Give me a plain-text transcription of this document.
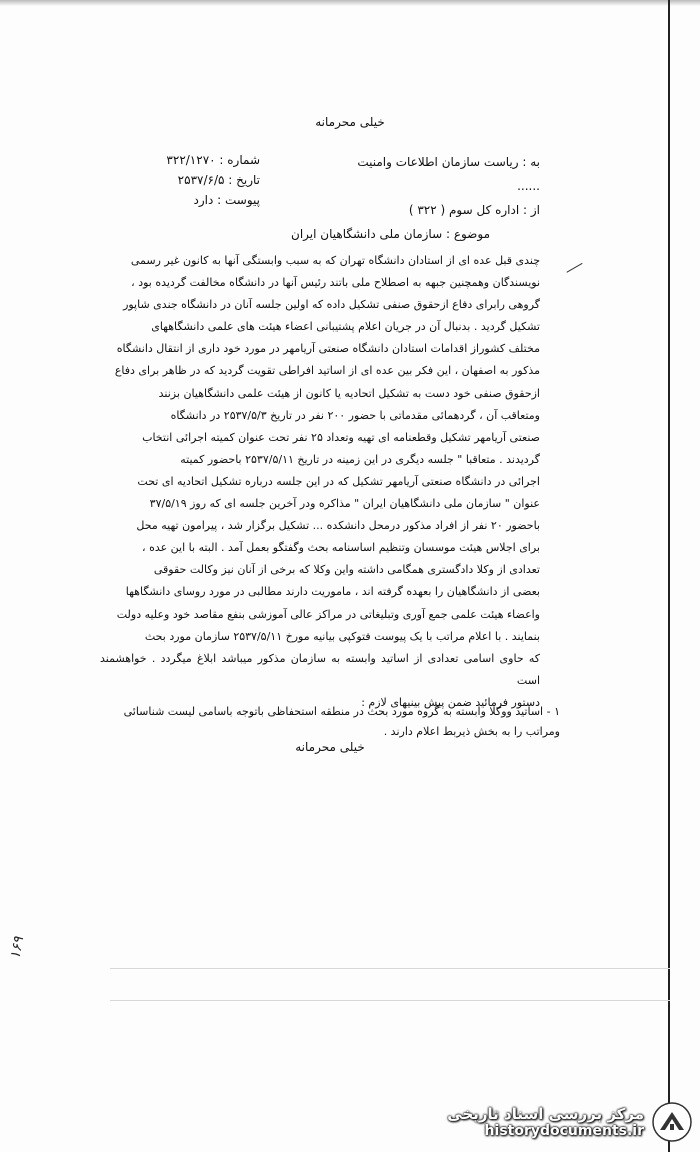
خیلی محرمانه
شماره : ۳۲۲/۱۲۷۰
تاریخ : ۲۵۳۷/۶/۵
پیوست : دارد
به : ریاست سازمان اطلاعات وامنیت ......
از : اداره کل سوم ( ۳۲۲ )
موضوع : سازمان ملی دانشگاهیان ایران

چندی قبل عده ای از استادان دانشگاه تهران که به سبب وابستگی آنها به کانون غیر رسمی

نویسندگان وهمچنین جبهه به اصطلاح ملی باتند رئیس آنها در دانشگاه مخالفت گردیده بود ،

گروهی رابرای دفاع ازحقوق صنفی تشکیل داده که اولین جلسه آنان در دانشگاه جندی شاپور

تشکیل گردید . بدنبال آن در جریان اعلام پشتیبانی اعضاء هیئت های علمی دانشگاههای

مختلف کشوراز اقدامات استادان دانشگاه صنعتی آریامهر در مورد خود داری از انتقال دانشگاه

مذکور به اصفهان ، این فکر بین عده ای از اساتید افراطی تقویت گردید که در ظاهر برای دفاع

ازحقوق صنفی خود دست به تشکیل اتحادیه یا کانون از هیئت علمی دانشگاهیان بزنند

ومتعاقب آن ، گردهمائی مقدماتی با حضور ۲۰۰ نفر در تاریخ ۲۵۳۷/۵/۳ در دانشگاه

صنعتی آریامهر تشکیل وقطعنامه ای تهیه وتعداد ۲۵ نفر تحت عنوان کمیته اجرائی انتخاب

گردیدند . متعاقبا " جلسه دیگری در این زمینه در تاریخ ۲۵۳۷/۵/۱۱ باحضور کمیته

اجرائی در دانشگاه صنعتی آریامهر تشکیل که در این جلسه درباره تشکیل اتحادیه ای تحت

عنوان " سازمان ملی دانشگاهیان ایران " مذاکره ودر آخرین جلسه ای که روز ۳۷/۵/۱۹

باحضور ۲۰ نفر از افراد مذکور درمحل دانشکده ... تشکیل برگزار شد ، پیرامون تهیه محل

برای اجلاس هیئت موسسان وتنظیم اساسنامه بحث وگفتگو بعمل آمد . البته با این عده ،

تعدادی از وکلا دادگستری همگامی داشته واین وکلا که برخی از آنان نیز وکالت حقوقی

بعضی از دانشگاهیان را بعهده گرفته اند ، ماموریت دارند مطالبی در مورد روسای دانشگاهها

واعضاء هیئت علمی جمع آوری وتبلیغاتی در مراکز عالی آموزشی بنفع مقاصد خود وعلیه دولت

بنمایند . با اعلام مراتب با یک پیوست فتوکپی بیانیه مورخ ۲۵۳۷/۵/۱۱ سازمان مورد بحث

که حاوی اسامی تعدادی از اساتید وابسته به سازمان مذکور میباشد ابلاغ میگردد . خواهشمند است

دستور فرمائید ضمن پیش بینیهای لازم :

۱ - اساتید ووکلا وابسته به گروه مورد بحث در منطقه استحفاظی باتوجه باسامی لیست شناسائی
ومراتب را به بخش ذیربط اعلام دارند .
خیلی محرمانه
۱۶۹
مرکز بررسی اسناد تاریخی
historydocuments.ir
